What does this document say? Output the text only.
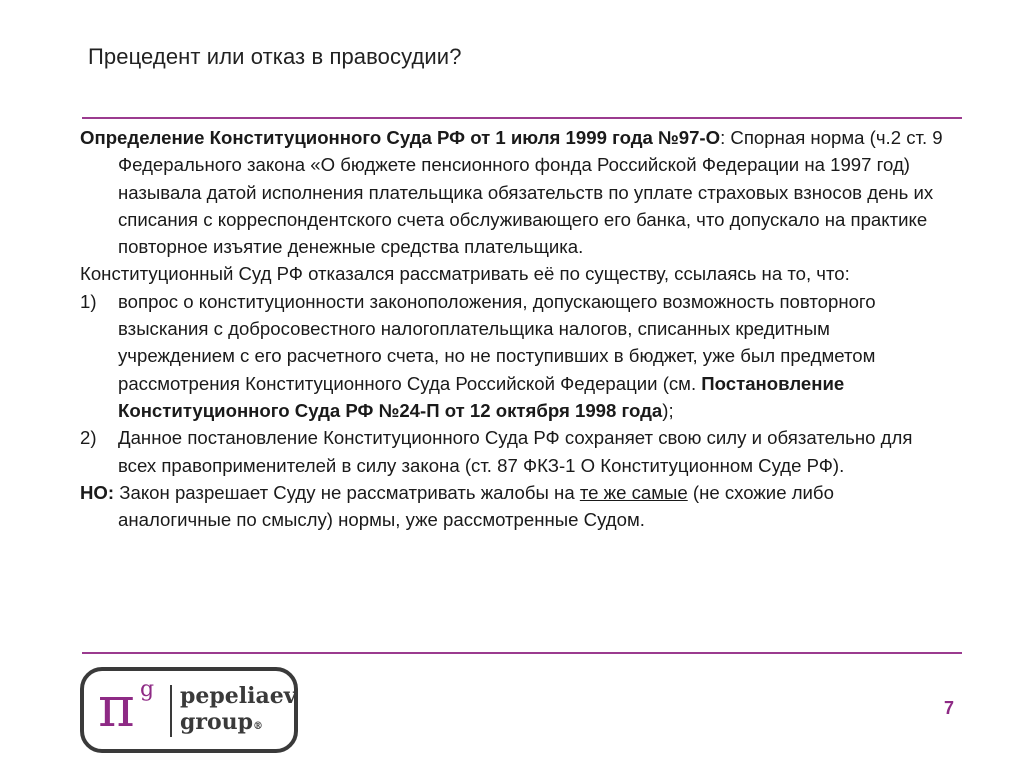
Прецедент или отказ в правосудии?

Определение Конституционного Суда РФ от 1 июля 1999 года №97-О: Спорная норма (ч.2 ст. 9 Федерального закона «О бюджете пенсионного фонда Российской Федерации на 1997 год) называла датой исполнения плательщика обязательств по уплате страховых взносов день их списания с корреспондентского счета обслуживающего его банка, что допускало на практике повторное изъятие денежные средства плательщика.

Конституционный Суд РФ отказался рассматривать её по существу, ссылаясь на то, что:

1) вопрос о конституционности законоположения, допускающего возможность повторного взыскания с добросовестного налогоплательщика налогов, списанных кредитным учреждением с его расчетного счета, но не поступивших в бюджет, уже был предметом рассмотрения Конституционного Суда Российской Федерации (см. Постановление Конституционного Суда РФ №24-П от 12 октября 1998 года);
2) Данное постановление Конституционного Суда РФ сохраняет свою силу и обязательно для всех правоприменителей в силу закона (ст. 87 ФКЗ-1 О Конституционном Суде РФ).

НО: Закон разрешает Суду не рассматривать жалобы на те же самые (не схожие либо аналогичные по смыслу) нормы, уже рассмотренные Судом.

π g pepeliaev
group®
7
